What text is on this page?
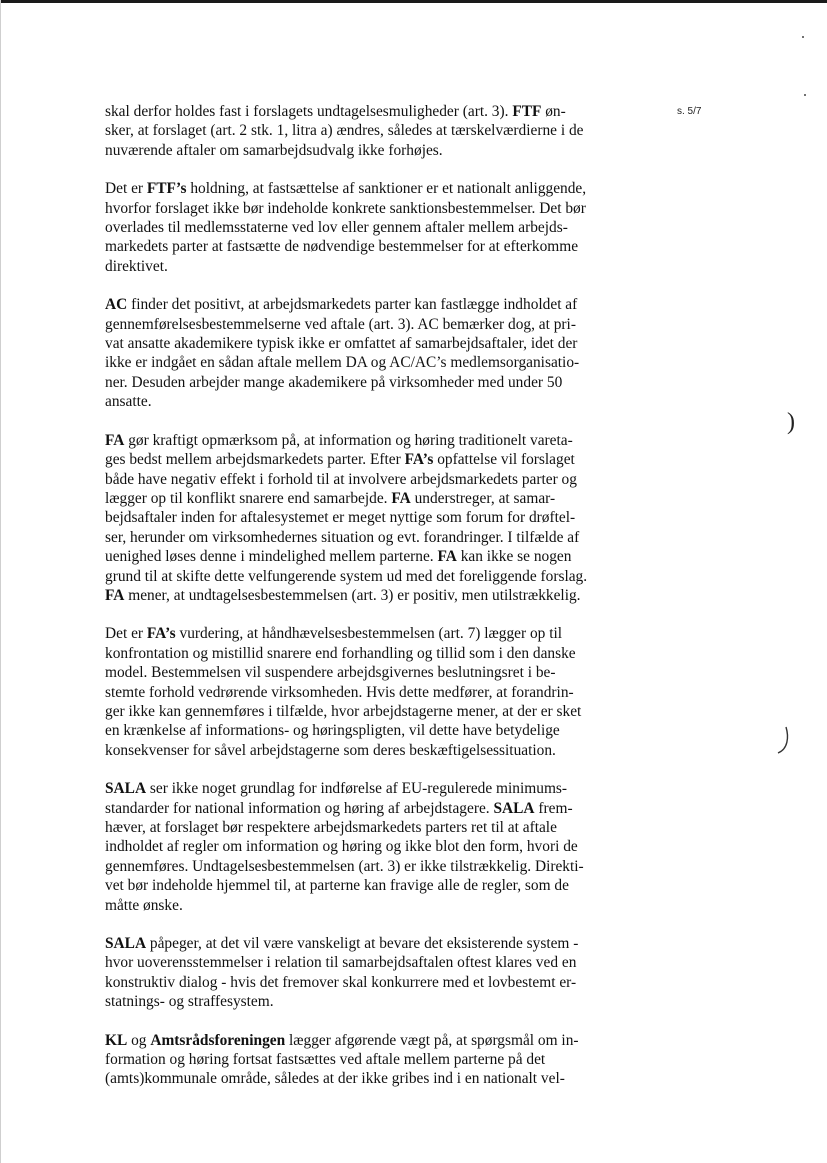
s. 5/7

skal derfor holdes fast i forslagets undtagelsesmuligheder (art. 3). FTF øn-
sker, at forslaget (art. 2 stk. 1, litra a) ændres, således at tærskelværdierne i de
nuværende aftaler om samarbejdsudvalg ikke forhøjes.

Det er FTF’s holdning, at fastsættelse af sanktioner er et nationalt anliggende,
hvorfor forslaget ikke bør indeholde konkrete sanktionsbestemmelser. Det bør
overlades til medlemsstaterne ved lov eller gennem aftaler mellem arbejds-
markedets parter at fastsætte de nødvendige bestemmelser for at efterkomme
direktivet.

AC finder det positivt, at arbejdsmarkedets parter kan fastlægge indholdet af
gennemførelsesbestemmelserne ved aftale (art. 3). AC bemærker dog, at pri-
vat ansatte akademikere typisk ikke er omfattet af samarbejdsaftaler, idet der
ikke er indgået en sådan aftale mellem DA og AC/AC’s medlemsorganisatio-
ner. Desuden arbejder mange akademikere på virksomheder med under 50
ansatte.

FA gør kraftigt opmærksom på, at information og høring traditionelt vareta-
ges bedst mellem arbejdsmarkedets parter. Efter FA’s opfattelse vil forslaget
både have negativ effekt i forhold til at involvere arbejdsmarkedets parter og
lægger op til konflikt snarere end samarbejde. FA understreger, at samar-
bejdsaftaler inden for aftalesystemet er meget nyttige som forum for drøftel-
ser, herunder om virksomhedernes situation og evt. forandringer. I tilfælde af
uenighed løses denne i mindelighed mellem parterne. FA kan ikke se nogen
grund til at skifte dette velfungerende system ud med det foreliggende forslag.
FA mener, at undtagelsesbestemmelsen (art. 3) er positiv, men utilstrækkelig.

Det er FA’s vurdering, at håndhævelsesbestemmelsen (art. 7) lægger op til
konfrontation og mistillid snarere end forhandling og tillid som i den danske
model. Bestemmelsen vil suspendere arbejdsgivernes beslutningsret i be-
stemte forhold vedrørende virksomheden. Hvis dette medfører, at forandrin-
ger ikke kan gennemføres i tilfælde, hvor arbejdstagerne mener, at der er sket
en krænkelse af informations- og høringspligten, vil dette have betydelige
konsekvenser for såvel arbejdstagerne som deres beskæftigelsessituation.

SALA ser ikke noget grundlag for indførelse af EU-regulerede minimums-
standarder for national information og høring af arbejdstagere. SALA frem-
hæver, at forslaget bør respektere arbejdsmarkedets parters ret til at aftale
indholdet af regler om information og høring og ikke blot den form, hvori de
gennemføres. Undtagelsesbestemmelsen (art. 3) er ikke tilstrækkelig. Direkti-
vet bør indeholde hjemmel til, at parterne kan fravige alle de regler, som de
måtte ønske.

SALA påpeger, at det vil være vanskeligt at bevare det eksisterende system -
hvor uoverensstemmelser i relation til samarbejdsaftalen oftest klares ved en
konstruktiv dialog - hvis det fremover skal konkurrere med et lovbestemt er-
statnings- og straffesystem.

KL og Amtsrådsforeningen lægger afgørende vægt på, at spørgsmål om in-
formation og høring fortsat fastsættes ved aftale mellem parterne på det
(amts)kommunale område, således at der ikke gribes ind i en nationalt vel-

)
